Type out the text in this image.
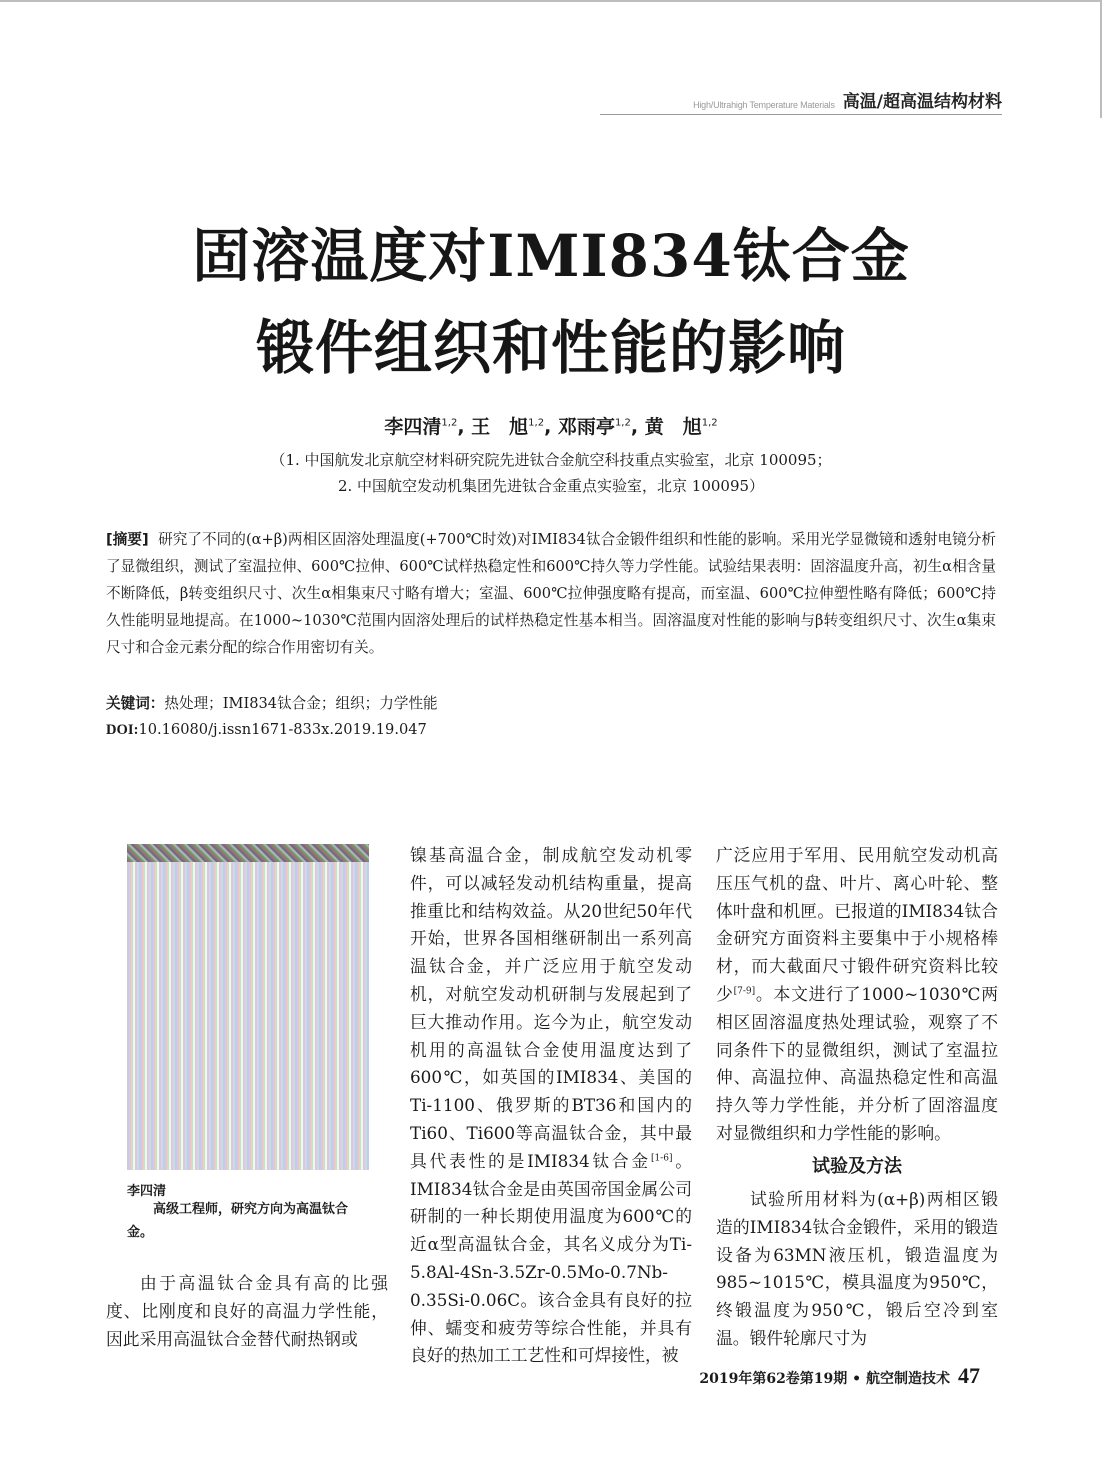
High/Ultrahigh Temperature Materials 高温/超高温结构材料
固溶温度对IMI834钛合金
锻件组织和性能的影响
李四清$^{1,2}$, 王　旭$^{1,2}$, 邓雨亭$^{1,2}$, 黄　旭$^{1,2}$
（1. 中国航发北京航空材料研究院先进钛合金航空科技重点实验室，北京 100095；
2. 中国航空发动机集团先进钛合金重点实验室，北京 100095）
[摘要] 研究了不同的(α+β)两相区固溶处理温度(+700℃时效)对IMI834钛合金锻件组织和性能的影响。采用光学显微镜和透射电镜分析了显微组织，测试了室温拉伸、600℃拉伸、600℃试样热稳定性和600℃持久等力学性能。试验结果表明：固溶温度升高，初生α相含量不断降低，β转变组织尺寸、次生α相集束尺寸略有增大；室温、600℃拉伸强度略有提高，而室温、600℃拉伸塑性略有降低；600℃持久性能明显地提高。在1000~1030℃范围内固溶处理后的试样热稳定性基本相当。固溶温度对性能的影响与β转变组织尺寸、次生α集束尺寸和合金元素分配的综合作用密切有关。
关键词：热处理；IMI834钛合金；组织；力学性能
DOI:10.16080/j.issn1671-833x.2019.19.047
李四清
高级工程师，研究方向为高温钛合金。
由于高温钛合金具有高的比强度、比刚度和良好的高温力学性能，因此采用高温钛合金替代耐热钢或
镍基高温合金，制成航空发动机零件，可以减轻发动机结构重量，提高推重比和结构效益。从20世纪50年代开始，世界各国相继研制出一系列高温钛合金，并广泛应用于航空发动机，对航空发动机研制与发展起到了巨大推动作用。迄今为止，航空发动机用的高温钛合金使用温度达到了600℃，如英国的IMI834、美国的Ti-1100、俄罗斯的BT36和国内的Ti60、Ti600等高温钛合金，其中最具代表性的是IMI834钛合金[1-6]。IMI834钛合金是由英国帝国金属公司研制的一种长期使用温度为600℃的近α型高温钛合金，其名义成分为Ti-5.8Al-4Sn-3.5Zr-0.5Mo-0.7Nb-0.35Si-0.06C。该合金具有良好的拉伸、蠕变和疲劳等综合性能，并具有良好的热加工工艺性和可焊接性，被
广泛应用于军用、民用航空发动机高压压气机的盘、叶片、离心叶轮、整体叶盘和机匣。已报道的IMI834钛合金研究方面资料主要集中于小规格棒材，而大截面尺寸锻件研究资料比较少[7-9]。本文进行了1000~1030℃两相区固溶温度热处理试验，观察了不同条件下的显微组织，测试了室温拉伸、高温拉伸、高温热稳定性和高温持久等力学性能，并分析了固溶温度对显微组织和力学性能的影响。
试验及方法
试验所用材料为(α+β)两相区锻造的IMI834钛合金锻件，采用的锻造设备为63MN液压机，锻造温度为985~1015℃，模具温度为950℃，终锻温度为950℃，锻后空冷到室温。锻件轮廓尺寸为
2019年第62卷第19期 • 航空制造技术 47
